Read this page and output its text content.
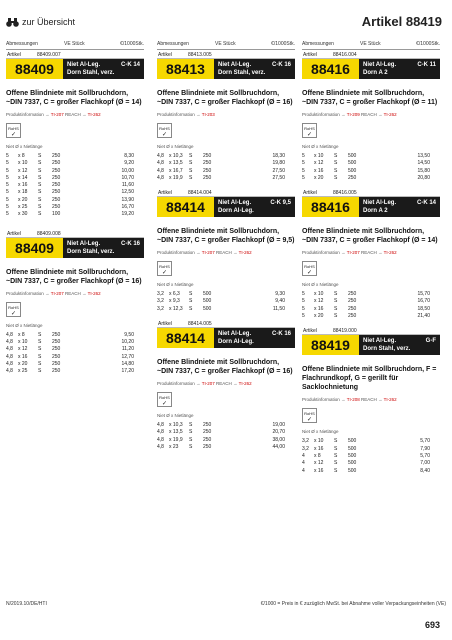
zur Übersicht	Artikel 88419
Abmessungen	VE Stück	€/1000Stk.
Artikel	88409.007
88409	Niet Al-Leg.
Dorn Stahl, verz.
C-K 14
Offene Blindniete mit Sollbruchdorn, ~DIN 7337, C = großer Flachkopf (Ø = 14)
Produktinformation → TI-207 REACH → TI-262
RoHS
✓
Niet Ø x Nietlänge
5	x 8	S	250	8,30
5	x 10	S	250	9,20
5	x 12	S	250	10,00
5	x 14	S	250	10,70
5	x 16	S	250	11,60
5	x 18	S	250	12,50
5	x 20	S	250	13,90
5	x 25	S	250	16,70
5	x 30	S	100	19,20
Artikel	88409.008
88409	Niet Al-Leg.
Dorn Stahl, verz.
C-K 16
Offene Blindniete mit Sollbruchdorn, ~DIN 7337, C = großer Flachkopf (Ø = 16)
Produktinformation → TI-207 REACH → TI-262
RoHS
✓
Niet Ø x Nietlänge
4,8	x 8	S	250	9,50
4,8	x 10	S	250	10,20
4,8	x 12	S	250	11,20
4,8	x 16	S	250	12,70
4,8	x 20	S	250	14,80
4,8	x 25	S	250	17,20
Abmessungen	VE Stück	€/1000Stk.
Artikel	88413.005
88413	Niet Al-Leg.
Dorn Stahl, verz.
C-K 16
Offene Blindniete mit Sollbruchdorn, ~DIN 7337, C = großer Flachkopf (Ø = 16)
Produktinformation → TI-203
RoHS
✓
Niet Ø x Nietlänge
4,8	x 10,3	S	250	18,30
4,8	x 13,5	S	250	19,80
4,8	x 16,7	S	250	27,50
4,8	x 19,9	S	250	27,50
Artikel	88414.004
88414	Niet Al-Leg.
Dorn Al-Leg.
C-K 9,5
Offene Blindniete mit Sollbruchdorn, ~DIN 7337, C = großer Flachkopf (Ø = 9,5)
Produktinformation → TI-207 REACH → TI-262
RoHS
✓
Niet Ø x Nietlänge
3,2	x 6,3	S	500	9,30
3,2	x 9,3	S	500	9,40
3,2	x 12,3	S	500	11,50
Artikel	88414.005
88414	Niet Al-Leg.
Dorn Al-Leg.
C-K 16
Offene Blindniete mit Sollbruchdorn, ~DIN 7337, C = großer Flachkopf (Ø = 16)
Produktinformation → TI-207 REACH → TI-262
RoHS
✓
Niet Ø x Nietlänge
4,8	x 10,3	S	250	19,00
4,8	x 13,5	S	250	20,70
4,8	x 19,9	S	250	38,00
4,8	x 23	S	250	44,00
Abmessungen	VE Stück	€/1000Stk.
Artikel	88416.004
88416	Niet Al-Leg.
Dorn A 2
C-K 11
Offene Blindniete mit Sollbruchdorn, ~DIN 7337, C = großer Flachkopf (Ø = 11)
Produktinformation → TI-209 REACH → TI-262
RoHS
✓
Niet Ø x Nietlänge
5	x 10	S	500	13,50
5	x 12	S	500	14,50
5	x 16	S	500	15,80
5	x 20	S	250	20,80
Artikel	88416.005
88416	Niet Al-Leg.
Dorn A 2
C-K 14
Offene Blindniete mit Sollbruchdorn, ~DIN 7337, C = großer Flachkopf (Ø = 14)
Produktinformation → TI-207 REACH → TI-262
RoHS
✓
Niet Ø x Nietlänge
5	x 10	S	250	15,70
5	x 12	S	250	16,70
5	x 16	S	250	18,50
5	x 20	S	250	21,40
Artikel	88419.000
88419	Niet Al-Leg.
Dorn Stahl, verz.
G-F
Offene Blindniete mit Sollbruchdorn, F = Flachrundkopf, G = gerillt für Sacklochnietung
Produktinformation → TI-208 REACH → TI-262
RoHS
✓
Niet Ø x Nietlänge
3,2	x 10	S	500	5,70
3,2	x 16	S	500	7,90
4	x 8	S	500	5,70
4	x 12	S	500	7,00
4	x 16	S	500	8,40
N/2019.10/DE/HTI	€/1000 = Preis in € zuzüglich MwSt. bei Abnahme voller Verpackungseinheiten (VE)
693
